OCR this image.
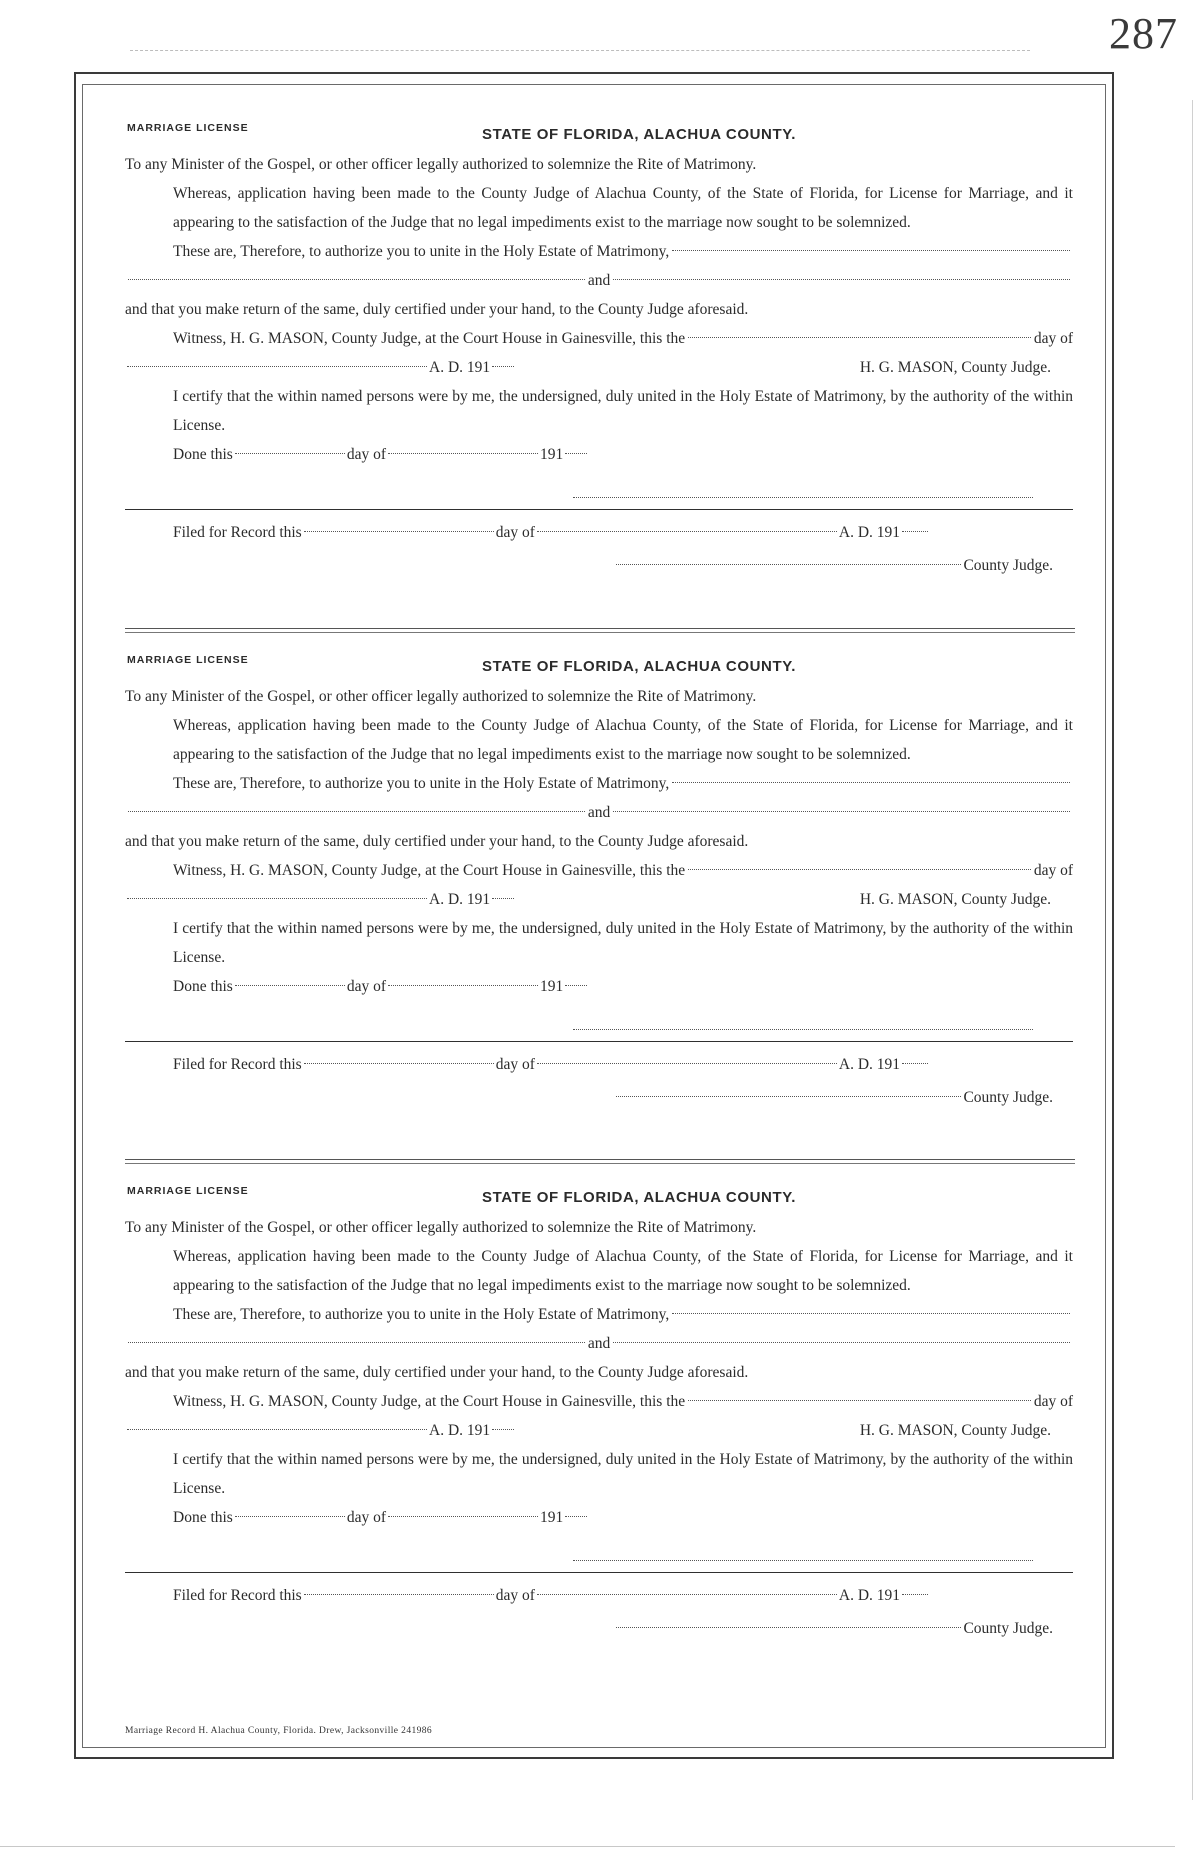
287
MARRIAGE LICENSE	STATE OF FLORIDA, ALACHUA COUNTY.
To any Minister of the Gospel, or other officer legally authorized to solemnize the Rite of Matrimony.
Whereas, application having been made to the County Judge of Alachua County, of the State of Florida, for License for Marriage, and it appearing to the satisfaction of the Judge that no legal impediments exist to the marriage now sought to be solemnized.
These are, Therefore, to authorize you to unite in the Holy Estate of Matrimony,
and
and that you make return of the same, duly certified under your hand, to the County Judge aforesaid.
Witness, H. G. MASON, County Judge, at the Court House in Gainesville, this the	day of
A. D. 191	H. G. MASON, County Judge.
I certify that the within named persons were by me, the undersigned, duly united in the Holy Estate of Matrimony, by the authority of the within License.
Done this	day of	191
Filed for Record this	day of	A. D. 191
County Judge.
MARRIAGE LICENSE	STATE OF FLORIDA, ALACHUA COUNTY.
To any Minister of the Gospel, or other officer legally authorized to solemnize the Rite of Matrimony.
Whereas, application having been made to the County Judge of Alachua County, of the State of Florida, for License for Marriage, and it appearing to the satisfaction of the Judge that no legal impediments exist to the marriage now sought to be solemnized.
These are, Therefore, to authorize you to unite in the Holy Estate of Matrimony,
and
and that you make return of the same, duly certified under your hand, to the County Judge aforesaid.
Witness, H. G. MASON, County Judge, at the Court House in Gainesville, this the	day of
A. D. 191	H. G. MASON, County Judge.
I certify that the within named persons were by me, the undersigned, duly united in the Holy Estate of Matrimony, by the authority of the within License.
Done this	day of	191
Filed for Record this	day of	A. D. 191
County Judge.
MARRIAGE LICENSE	STATE OF FLORIDA, ALACHUA COUNTY.
To any Minister of the Gospel, or other officer legally authorized to solemnize the Rite of Matrimony.
Whereas, application having been made to the County Judge of Alachua County, of the State of Florida, for License for Marriage, and it appearing to the satisfaction of the Judge that no legal impediments exist to the marriage now sought to be solemnized.
These are, Therefore, to authorize you to unite in the Holy Estate of Matrimony,
and
and that you make return of the same, duly certified under your hand, to the County Judge aforesaid.
Witness, H. G. MASON, County Judge, at the Court House in Gainesville, this the	day of
A. D. 191	H. G. MASON, County Judge.
I certify that the within named persons were by me, the undersigned, duly united in the Holy Estate of Matrimony, by the authority of the within License.
Done this	day of	191
Filed for Record this	day of	A. D. 191
County Judge.
Marriage Record H. Alachua County, Florida. Drew, Jacksonville 241986
